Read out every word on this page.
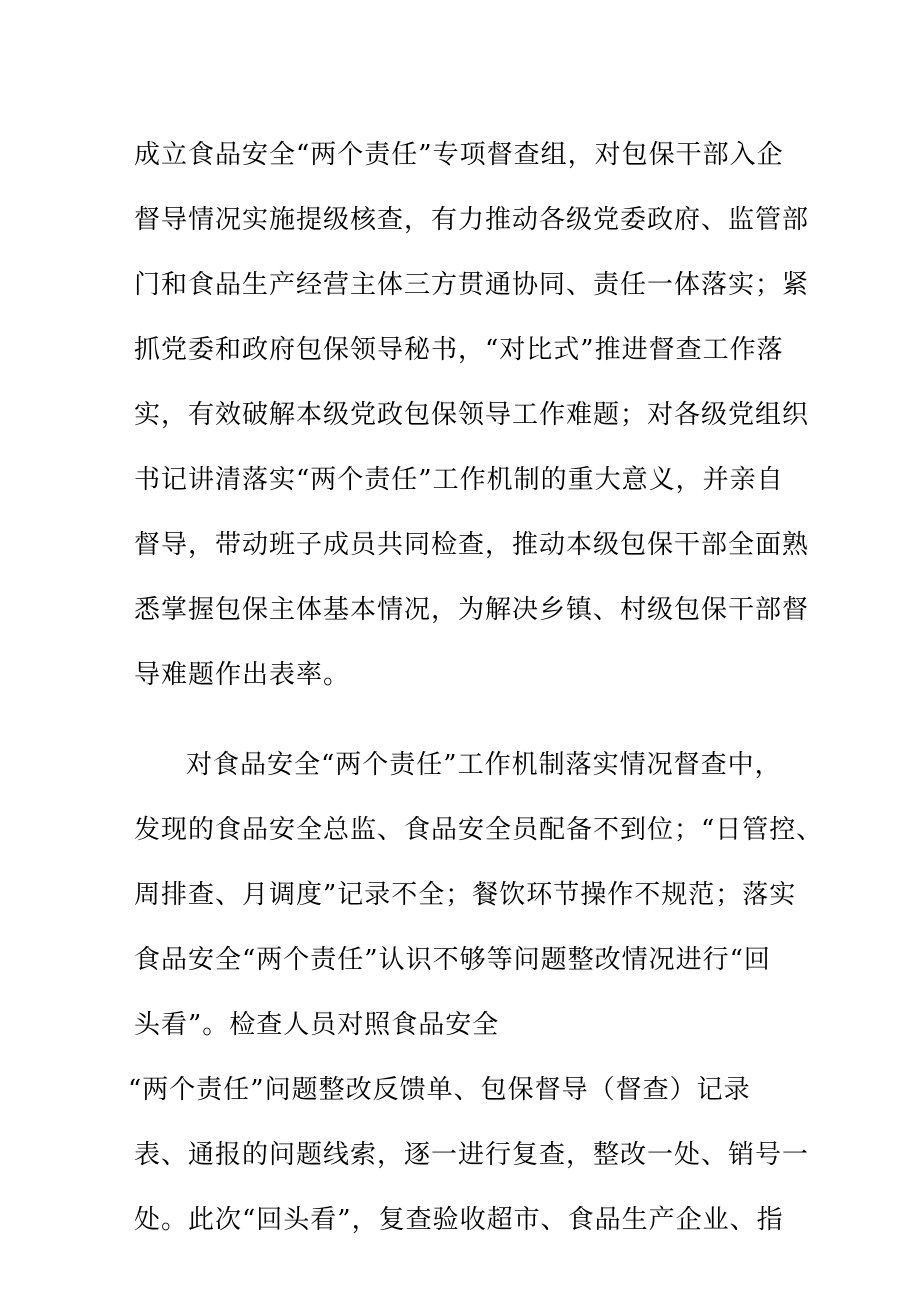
成立食品安全“两个责任”专项督查组，对包保干部入企
督导情况实施提级核查，有力推动各级党委政府、监管部
门和食品生产经营主体三方贯通协同、责任一体落实；紧
抓党委和政府包保领导秘书，“对比式”推进督查工作落
实，有效破解本级党政包保领导工作难题；对各级党组织
书记讲清落实“两个责任”工作机制的重大意义，并亲自
督导，带动班子成员共同检查，推动本级包保干部全面熟
悉掌握包保主体基本情况，为解决乡镇、村级包保干部督
导难题作出表率。
对食品安全“两个责任”工作机制落实情况督查中，
发现的食品安全总监、食品安全员配备不到位；“日管控、
周排查、月调度”记录不全；餐饮环节操作不规范；落实
食品安全“两个责任”认识不够等问题整改情况进行“回
头看”。检查人员对照食品安全
“两个责任”问题整改反馈单、包保督导（督查）记录
表、通报的问题线索，逐一进行复查，整改一处、销号一
处。此次“回头看”，复查验收超市、食品生产企业、指
